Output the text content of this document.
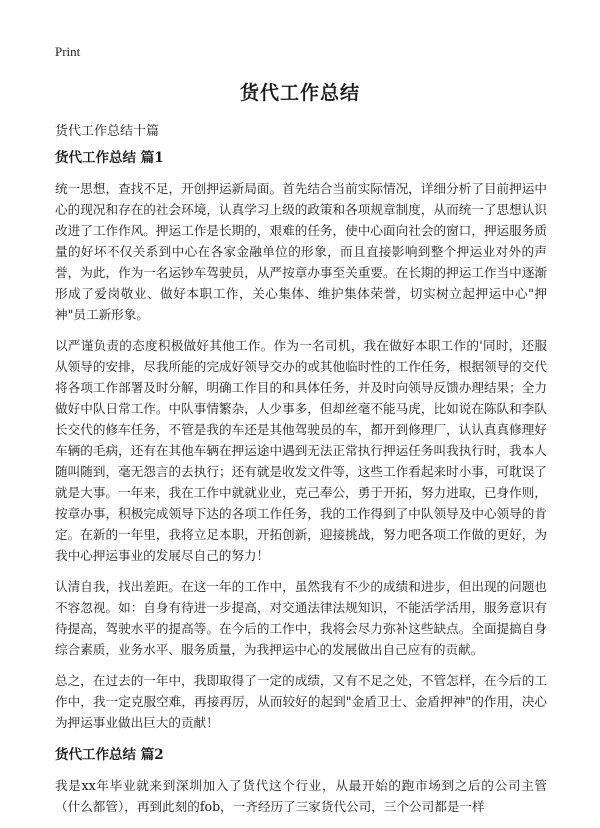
Print
货代工作总结
货代工作总结十篇
货代工作总结 篇1

统一思想，查找不足，开创押运新局面。首先结合当前实际情况，详细分析了目前押运中心的现况和存在的社会环境，认真学习上级的政策和各项规章制度，从而统一了思想认识改进了工作作风。押运工作是长期的，艰难的任务，使中心面向社会的窗口，押运服务质量的好坏不仅关系到中心在各家金融单位的形象，而且直接影响到整个押运业对外的声誉，为此，作为一名运钞车驾驶员，从严按章办事至关重要。在长期的押运工作当中逐渐形成了爱岗敬业、做好本职工作，关心集体、维护集体荣誉，切实树立起押运中心"押神"员工新形象。

以严谨负责的态度积极做好其他工作。作为一名司机，我在做好本职工作的'同时，还服从领导的安排，尽我所能的完成好领导交办的或其他临时性的工作任务，根据领导的交代将各项工作部署及时分解，明确工作目的和具体任务，并及时向领导反馈办理结果；全力做好中队日常工作。中队事情繁杂，人少事多，但却丝毫不能马虎，比如说在陈队和李队长交代的修车任务，不管是我的车还是其他驾驶员的车，都开到修理厂，认认真真修理好车辆的毛病，还有在其他车辆在押运途中遇到无法正常执行押运任务叫我执行时，我本人随叫随到，毫无怨言的去执行；还有就是收发文件等，这些工作看起来时小事，可耽误了就是大事。一年来，我在工作中就就业业，克己奉公，勇于开拓，努力进取，已身作则，按章办事，积极完成领导下达的各项工作任务，我的工作得到了中队领导及中心领导的肯定。在新的一年里，我将立足本职，开拓创新，迎接挑战，努力吧各项工作做的更好，为我中心押运事业的发展尽自己的努力！

认清自我，找出差距。在这一年的工作中，虽然我有不少的成绩和进步，但出现的问题也不容忽视。如：自身有待进一步提高，对交通法律法规知识，不能活学活用，服务意识有待提高，驾驶水平的提高等。在今后的工作中，我将会尽力弥补这些缺点。全面提搞自身综合素质，业务水平、服务质量，为我押运中心的发展做出自己应有的贡献。

总之，在过去的一年中，我即取得了一定的成绩，又有不足之处，不管怎样，在今后的工作中，我一定克服空难，再接再厉，从而较好的起到"金盾卫士、金盾押神"的作用，决心为押运事业做出巨大的贡献！

货代工作总结 篇2

我是xx年毕业就来到深圳加入了货代这个行业，从最开始的跑市场到之后的公司主管（什么都管），再到此刻的fob，一齐经历了三家货代公司，三个公司都是一样
